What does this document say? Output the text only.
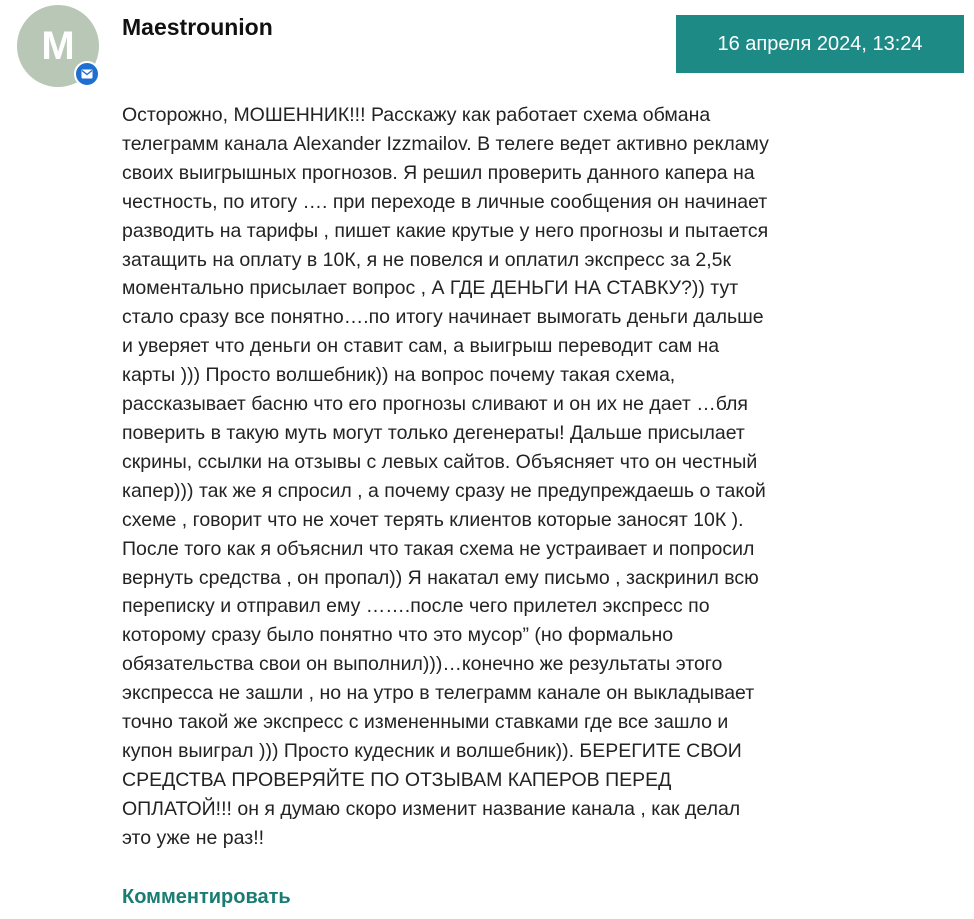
M	Maestrounion
16 апреля 2024, 13:24

Осторожно, МОШЕННИК!!! Расскажу как работает схема обмана

телеграмм канала Alexander Izzmailov. В телеге ведет активно рекламу

своих выигрышных прогнозов. Я решил проверить данного капера на

честность, по итогу …. при переходе в личные сообщения он начинает

разводить на тарифы , пишет какие крутые у него прогнозы и пытается

затащить на оплату в 10К, я не повелся и оплатил экспресс за 2,5к

моментально присылает вопрос , А ГДЕ ДЕНЬГИ НА СТАВКУ?)) тут

стало сразу все понятно….по итогу начинает вымогать деньги дальше

и уверяет что деньги он ставит сам, а выигрыш переводит сам на

карты ))) Просто волшебник)) на вопрос почему такая схема,

рассказывает басню что его прогнозы сливают и он их не дает …бля

поверить в такую муть могут только дегенераты! Дальше присылает

скрины, ссылки на отзывы с левых сайтов. Объясняет что он честный

капер))) так же я спросил , а почему сразу не предупреждаешь о такой

схеме , говорит что не хочет терять клиентов которые заносят 10К ).

После того как я объяснил что такая схема не устраивает и попросил

вернуть средства , он пропал)) Я накатал ему письмо , заскринил всю

переписку и отправил ему …….после чего прилетел экспресс по

которому сразу было понятно что это мусор” (но формально

обязательства свои он выполнил)))…конечно же результаты этого

экспресса не зашли , но на утро в телеграмм канале он выкладывает

точно такой же экспресс с измененными ставками где все зашло и

купон выиграл ))) Просто кудесник и волшебник)). БЕРЕГИТЕ СВОИ

СРЕДСТВА ПРОВЕРЯЙТЕ ПО ОТЗЫВАМ КАПЕРОВ ПЕРЕД

ОПЛАТОЙ!!! он я думаю скоро изменит название канала , как делал

это уже не раз!!

Комментировать
